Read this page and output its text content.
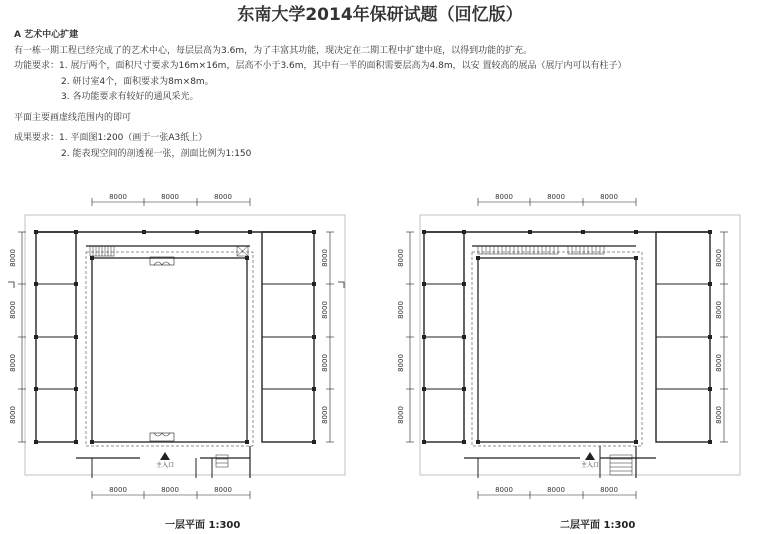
东南大学2014年保研试题（回忆版）
A 艺术中心扩建
有一栋一期工程已经完成了的艺术中心，每层层高为3.6m，为了丰富其功能，现决定在二期工程中扩建中庭，以得到功能的扩充。
功能要求：1. 展厅两个，面积尺寸要求为16m×16m，层高不小于3.6m，其中有一半的面积需要层高为4.8m，以安 置较高的展品（展厅内可以有柱子）
2. 研讨室4个，面积要求为8m×8m。
3. 各功能要求有较好的通风采光。
平面主要画虚线范围内的即可
成果要求：1. 平面图1:200（画于一张A3纸上）
2. 能表现空间的剖透视一张，剖面比例为1:150
8000	8000	8000
8000	8000	8000
8000
8000
8000
8000
8000
8000
8000
8000
主入口
8000	8000	8000
8000	8000	8000
8000
8000
8000
8000
8000
8000
8000
8000
主入口
一层平面 1:300	二层平面 1:300
